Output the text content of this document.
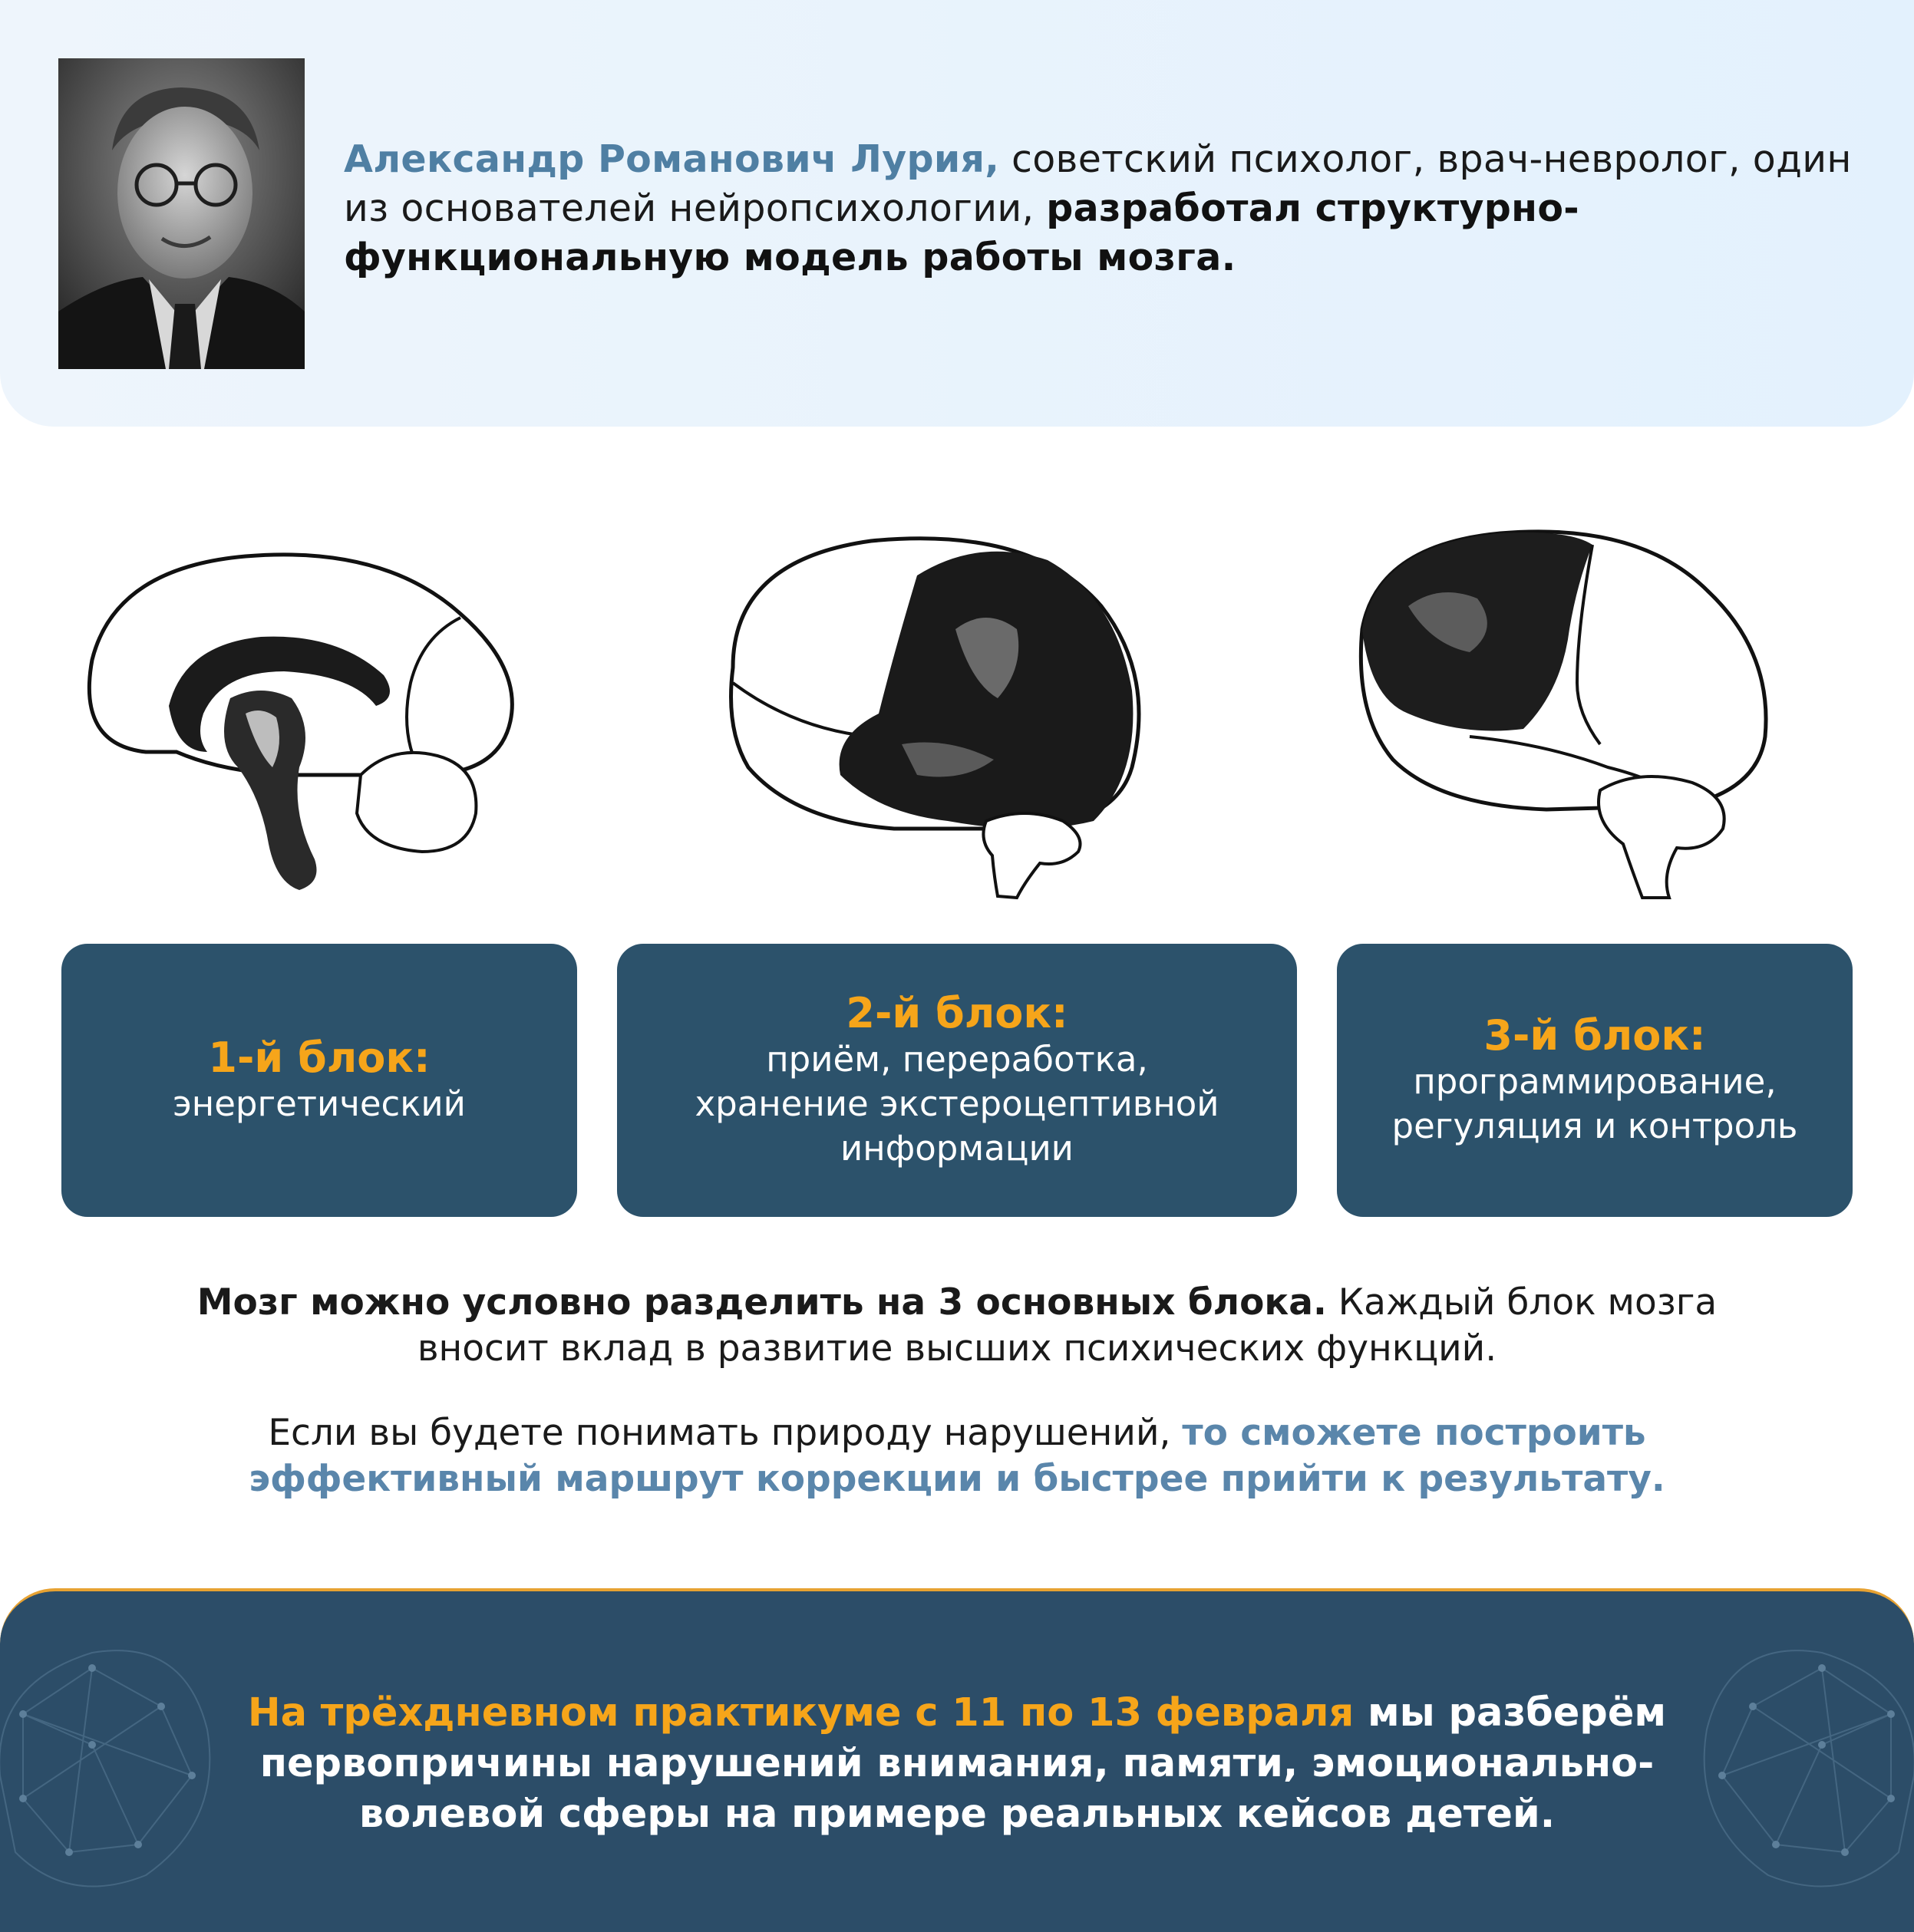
Александр Романович Лурия, советский психолог, врач-невролог, один из основателей нейропсихологии, разработал структурно-функциональную модель работы мозга.
1-й блок:
энергетический
2-й блок:
приём, переработка,
хранение экстероцептивной
информации
3-й блок:
программирование,
регуляция и контроль
Мозг можно условно разделить на 3 основных блока. Каждый блок мозга
вносит вклад в развитие высших психических функций.
Если вы будете понимать природу нарушений, то сможете построить
эффективный маршрут коррекции и быстрее прийти к результату.
На трёхдневном практикуме с 11 по 13 февраля мы разберём
первопричины нарушений внимания, памяти, эмоционально-
волевой сферы на примере реальных кейсов детей.
